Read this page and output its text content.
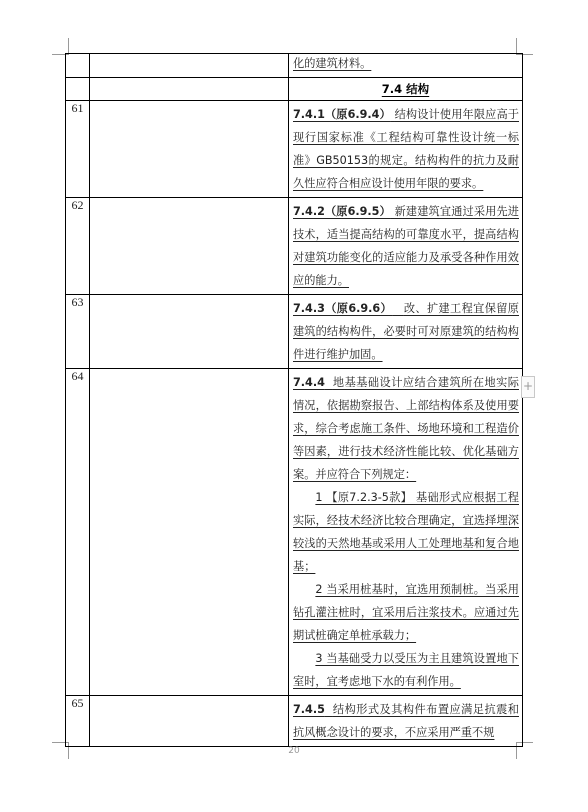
		化的建筑材料。

		7.4 结构

61		7.4.1（原6.9.4） 结构设计使用年限应高于现行国家标准《工程结构可靠性设计统一标准》GB50153的规定。结构构件的抗力及耐久性应符合相应设计使用年限的要求。

62		7.4.2（原6.9.5） 新建建筑宜通过采用先进技术，适当提高结构的可靠度水平，提高结构对建筑功能变化的适应能力及承受各种作用效应的能力。

63		7.4.3（原6.9.6） 改、扩建工程宜保留原建筑的结构构件，必要时可对原建筑的结构构件进行维护加固。

64		7.4.4 地基基础设计应结合建筑所在地实际情况，依据勘察报告、上部结构体系及使用要求，综合考虑施工条件、场地环境和工程造价等因素，进行技术经济性能比较、优化基础方案。并应符合下列规定：
1 【原7.2.3-5款】 基础形式应根据工程实际，经技术经济比较合理确定，宜选择埋深较浅的天然地基或采用人工处理地基和复合地基；
2 当采用桩基时，宜选用预制桩。当采用钻孔灌注桩时，宜采用后注浆技术。应通过先期试桩确定单桩承载力；
3 当基础受力以受压为主且建筑设置地下室时，宜考虑地下水的有利作用。

65		7.4.5 结构形式及其构件布置应满足抗震和抗风概念设计的要求，不应采用严重不规
+
20
